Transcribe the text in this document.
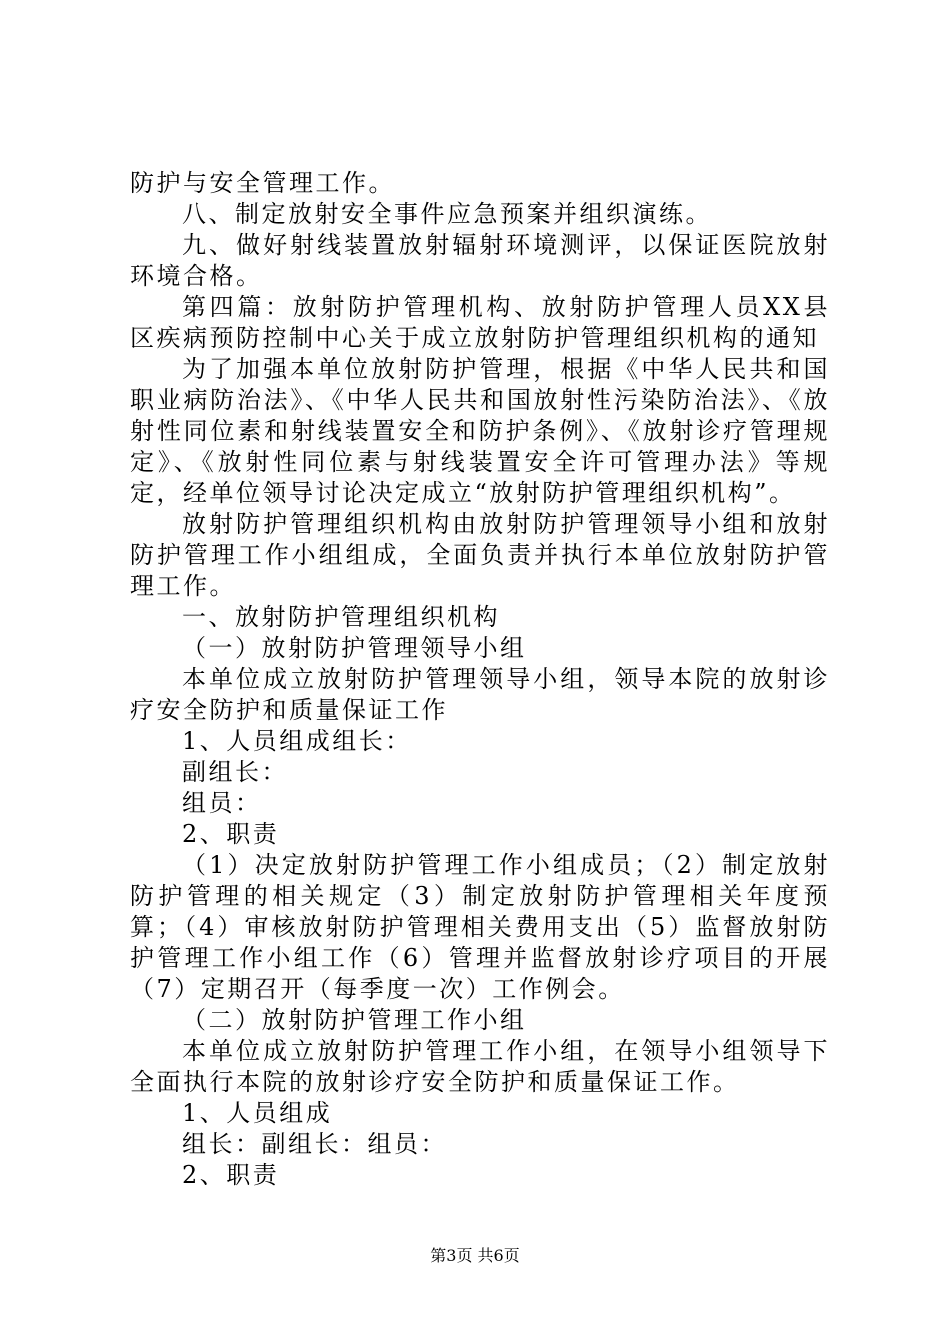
防护与安全管理工作。

八、制定放射安全事件应急预案并组织演练。

九、做好射线装置放射辐射环境测评，以保证医院放射环境合格。

第四篇：放射防护管理机构、放射防护管理人员XX县区疾病预防控制中心关于成立放射防护管理组织机构的通知

为了加强本单位放射防护管理，根据《中华人民共和国职业病防治法》、《中华人民共和国放射性污染防治法》、《放射性同位素和射线装置安全和防护条例》、《放射诊疗管理规定》、《放射性同位素与射线装置安全许可管理办法》等规定，经单位领导讨论决定成立“放射防护管理组织机构”。

放射防护管理组织机构由放射防护管理领导小组和放射防护管理工作小组组成，全面负责并执行本单位放射防护管理工作。

一、放射防护管理组织机构

（一）放射防护管理领导小组

本单位成立放射防护管理领导小组，领导本院的放射诊疗安全防护和质量保证工作

1、人员组成组长：

副组长：

组员：

2、职责

（1）决定放射防护管理工作小组成员；（2）制定放射防护管理的相关规定（3）制定放射防护管理相关年度预算；（4）审核放射防护管理相关费用支出（5）监督放射防护管理工作小组工作（6）管理并监督放射诊疗项目的开展（7）定期召开（每季度一次）工作例会。

（二）放射防护管理工作小组

本单位成立放射防护管理工作小组，在领导小组领导下全面执行本院的放射诊疗安全防护和质量保证工作。

1、人员组成

组长：副组长：组员：

2、职责

第3页 共6页
